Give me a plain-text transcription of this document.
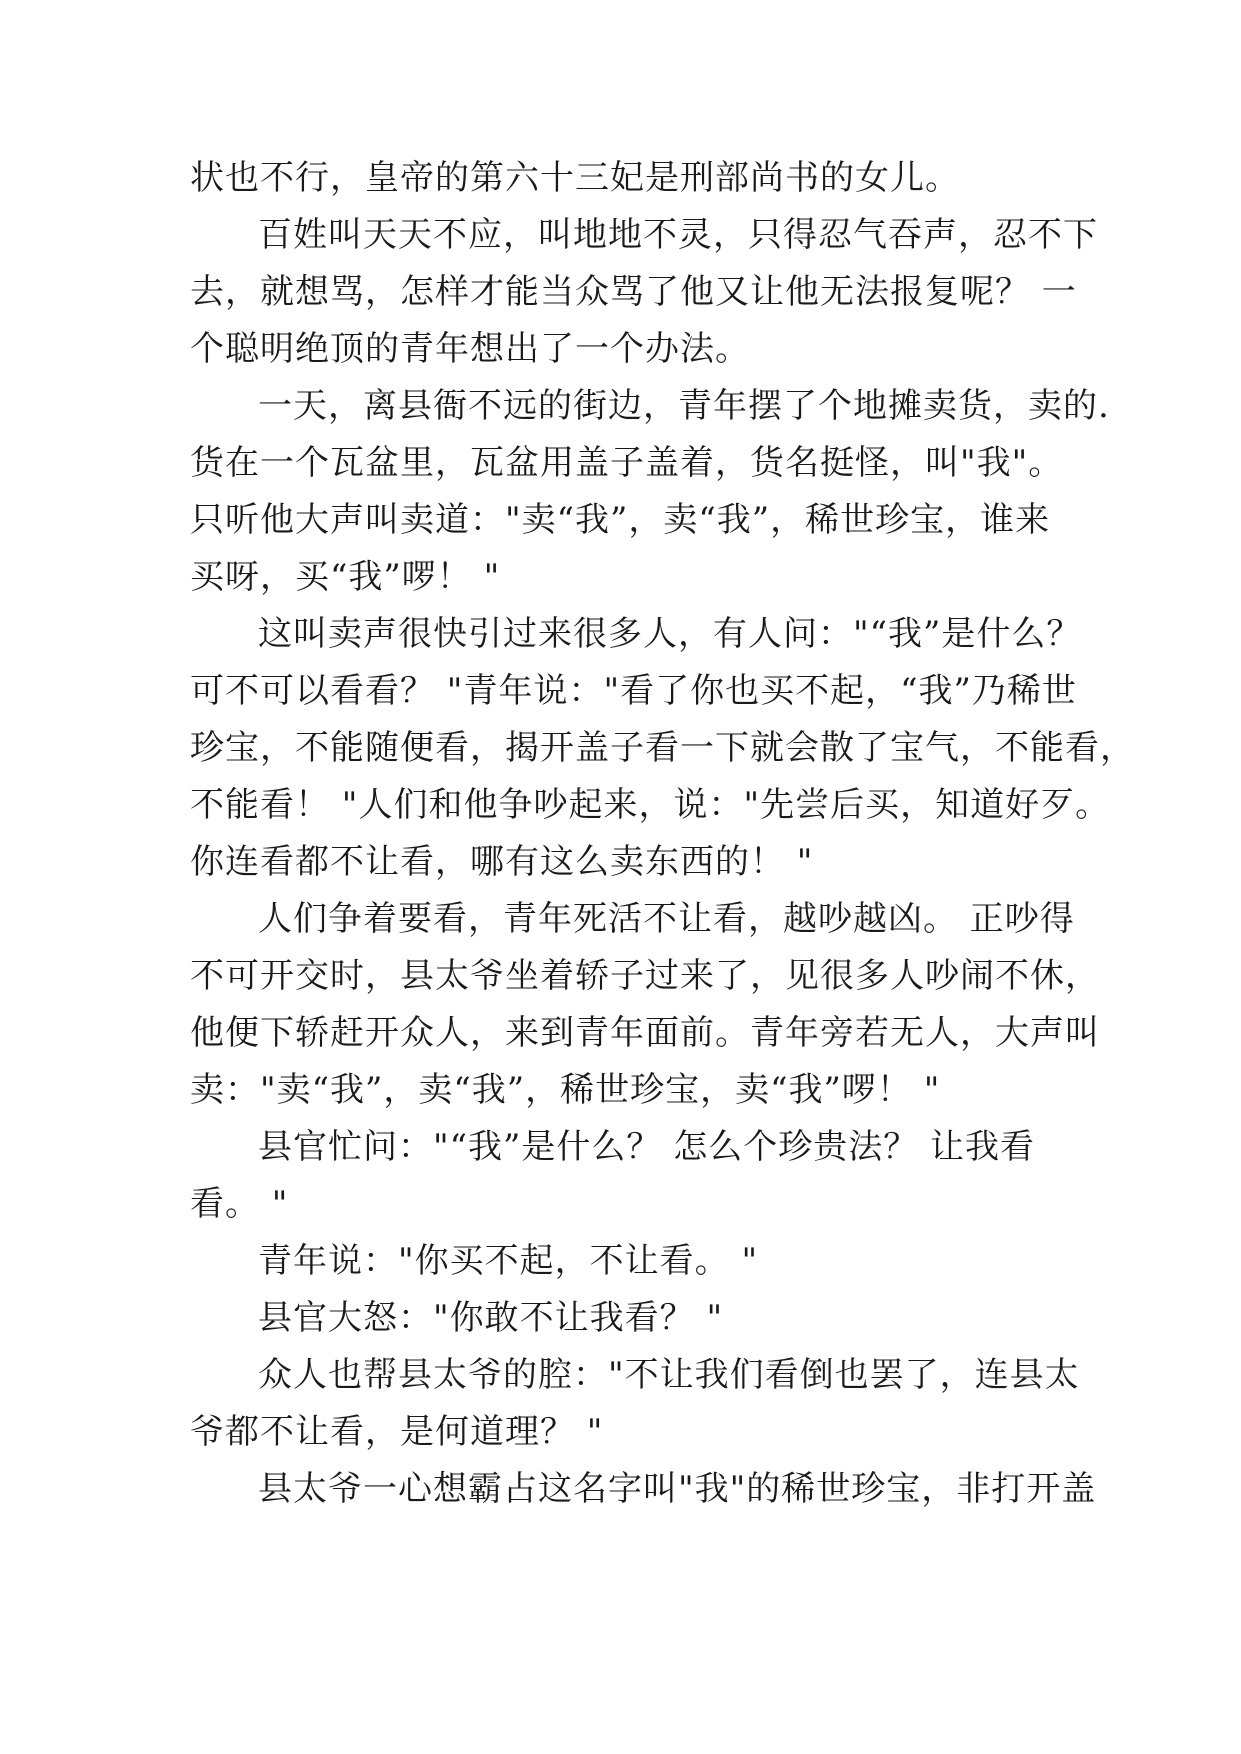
状也不行，皇帝的第六十三妃是刑部尚书的女儿。
百姓叫天天不应，叫地地不灵，只得忍气吞声，忍不下
去，就想骂，怎样才能当众骂了他又让他无法报复呢？ 一
个聪明绝顶的青年想出了一个办法。
一天，离县衙不远的街边，青年摆了个地摊卖货，卖的.
货在一个瓦盆里，瓦盆用盖子盖着，货名挺怪，叫"我"。
只听他大声叫卖道："卖“我”，卖“我”，稀世珍宝，谁来
买呀，买“我”啰！ "
这叫卖声很快引过来很多人，有人问："“我”是什么？
可不可以看看？ "青年说："看了你也买不起，“我”乃稀世
珍宝，不能随便看，揭开盖子看一下就会散了宝气，不能看，
不能看！ "人们和他争吵起来，说："先尝后买，知道好歹。
你连看都不让看，哪有这么卖东西的！ "
人们争着要看，青年死活不让看，越吵越凶。 正吵得
不可开交时，县太爷坐着轿子过来了，见很多人吵闹不休，
他便下轿赶开众人，来到青年面前。青年旁若无人，大声叫
卖："卖“我”，卖“我”，稀世珍宝，卖“我”啰！ "
县官忙问："“我”是什么？ 怎么个珍贵法？ 让我看
看。 "
青年说："你买不起，不让看。 "
县官大怒："你敢不让我看？ "
众人也帮县太爷的腔："不让我们看倒也罢了，连县太
爷都不让看，是何道理？ "
县太爷一心想霸占这名字叫"我"的稀世珍宝，非打开盖
